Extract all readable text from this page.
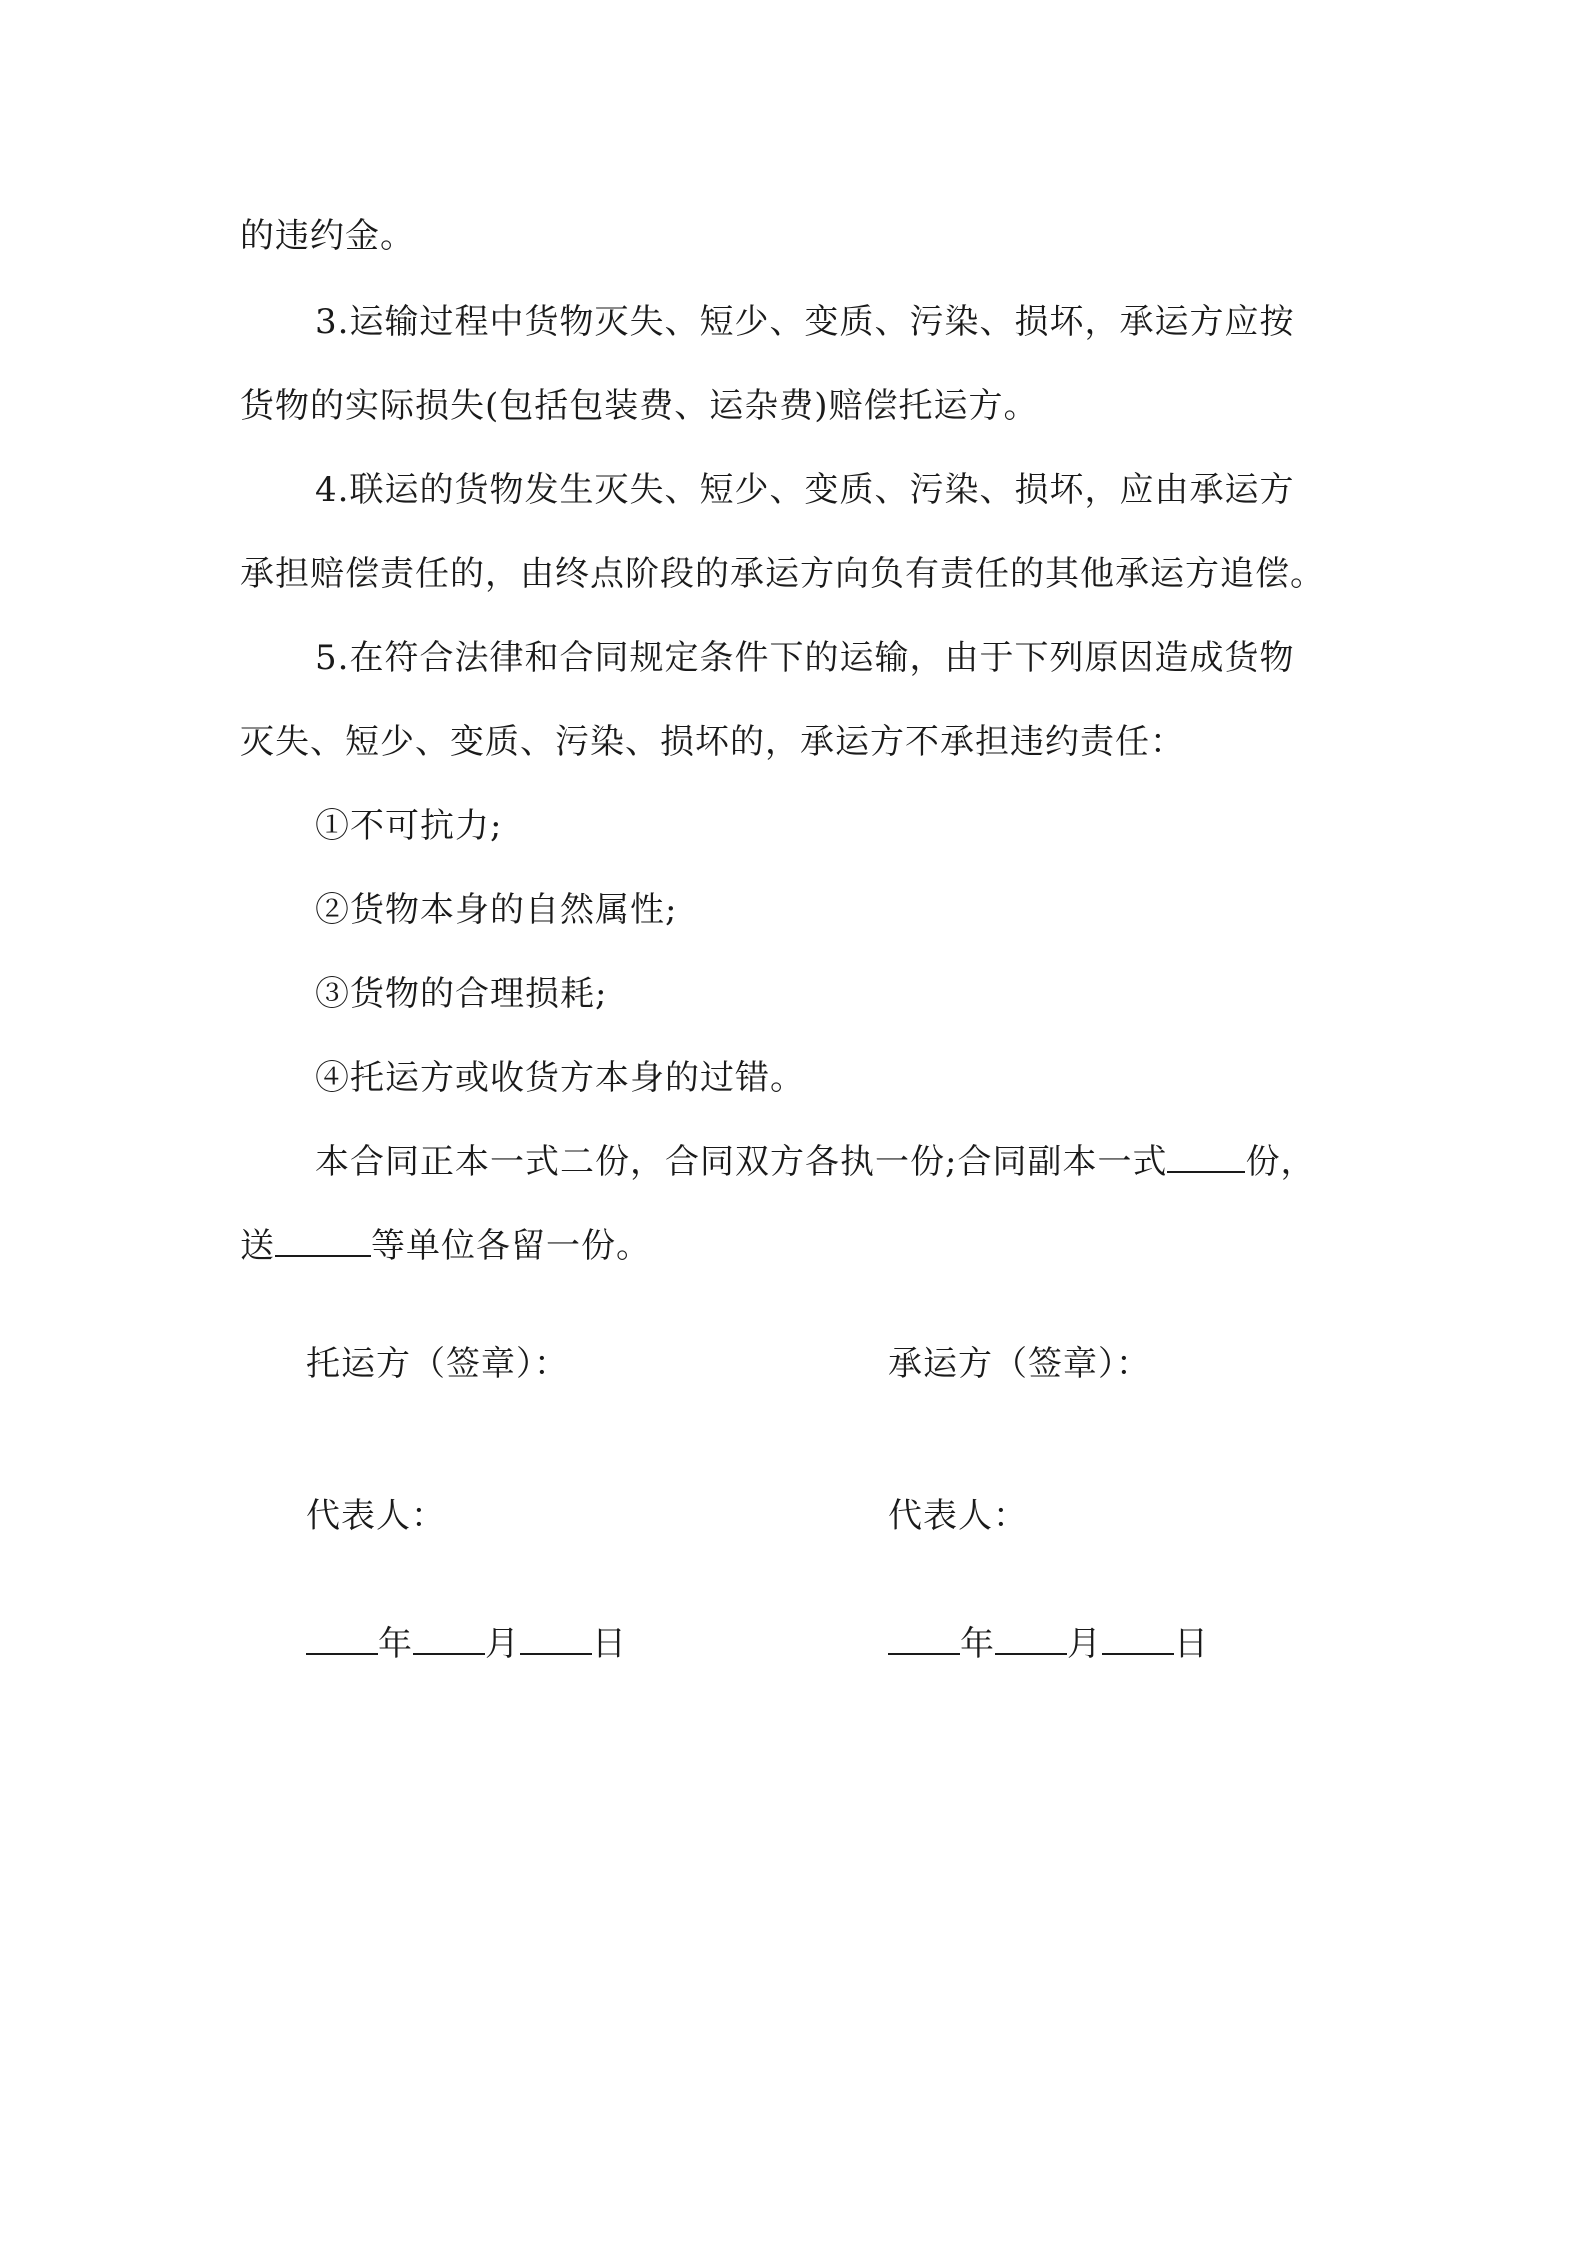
的违约金。
3.运输过程中货物灭失、短少、变质、污染、损坏，承运方应按
货物的实际损失(包括包装费、运杂费)赔偿托运方。
4.联运的货物发生灭失、短少、变质、污染、损坏，应由承运方
承担赔偿责任的，由终点阶段的承运方向负有责任的其他承运方追偿。
5.在符合法律和合同规定条件下的运输，由于下列原因造成货物
灭失、短少、变质、污染、损坏的，承运方不承担违约责任：
①不可抗力;
②货物本身的自然属性;
③货物的合理损耗;
④托运方或收货方本身的过错。
本合同正本一式二份，合同双方各执一份;合同副本一式 份，
送	等单位各留一份。
托运方（签章）：	承运方（签章）：
代表人：	代表人：
年 月 日	年 月 日
